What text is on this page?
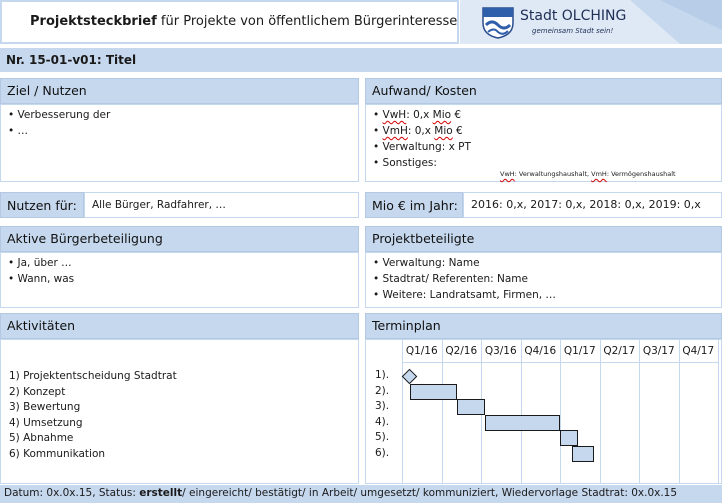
Projektsteckbrief für Projekte von öffentlichem Bürgerinteresse	Stadt OLCHING
gemeinsam Stadt sein!
Nr. 15-01-v01: Titel
Ziel / Nutzen
• Verbesserung der
• …
Aufwand/ Kosten
• VwH: 0,x Mio €
• VmH: 0,x Mio €
• Verwaltung: x PT
• Sonstiges:
VwH: Verwaltungshaushalt, VmH: Vermögenshaushalt
Nutzen für:	Alle Bürger, Radfahrer, …	Mio € im Jahr:	2016: 0,x, 2017: 0,x, 2018: 0,x, 2019: 0,x
Aktive Bürgerbeteiligung
• Ja, über …
• Wann, was
Projektbeteiligte
• Verwaltung: Name
• Stadtrat/ Referenten: Name
• Weitere: Landratsamt, Firmen, …
Aktivitäten
1) Projektentscheidung Stadtrat
2) Konzept
3) Bewertung
4) Umsetzung
5) Abnahme
6) Kommunikation
Terminplan
Q1/16 Q2/16 Q3/16 Q4/16 Q1/17 Q2/17 Q3/17 Q4/17
1).
2).
3).
4).
5).
6).
Datum: 0x.0x.15, Status: erstellt/ eingereicht/ bestätigt/ in Arbeit/ umgesetzt/ kommuniziert, Wiedervorlage Stadtrat: 0x.0x.15
